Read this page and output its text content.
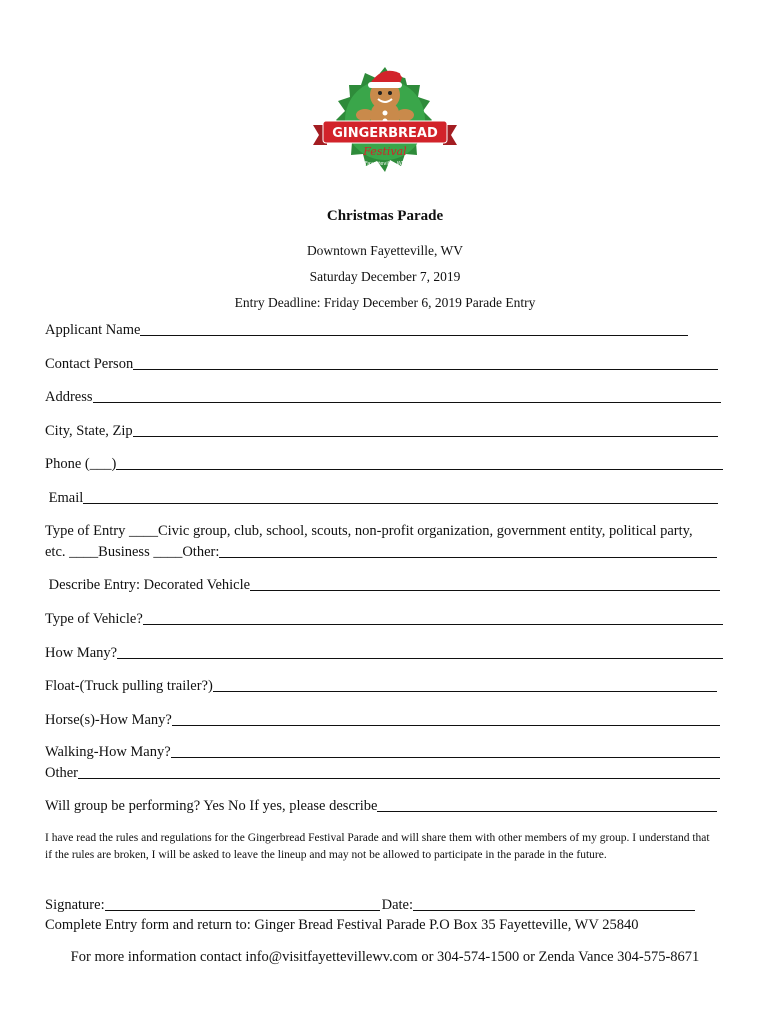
GINGERBREAD
Festival
Fayetteville, WV
Christmas Parade
Downtown Fayetteville, WV
Saturday December 7, 2019
Entry Deadline: Friday December 6, 2019 Parade Entry
Applicant Name
Contact Person
Address
City, State, Zip
Phone (___)
Email
Type of Entry ____Civic group, club, school, scouts, non-profit organization, government entity, political party,
etc. ____Business ____Other:
Describe Entry: Decorated Vehicle
Type of Vehicle?
How Many?
Float-(Truck pulling trailer?)
Horse(s)-How Many?
Walking-How Many?
Other
Will group be performing? Yes No If yes, please describe
I have read the rules and regulations for the Gingerbread Festival Parade and will share them with other members of my group. I understand that if the rules are broken, I will be asked to leave the lineup and may not be allowed to participate in the parade in the future.
Signature:	Date:
Complete Entry form and return to: Ginger Bread Festival Parade P.O Box 35 Fayetteville, WV 25840
For more information contact info@visitfayettevillewv.com or 304-574-1500 or Zenda Vance 304-575-8671
